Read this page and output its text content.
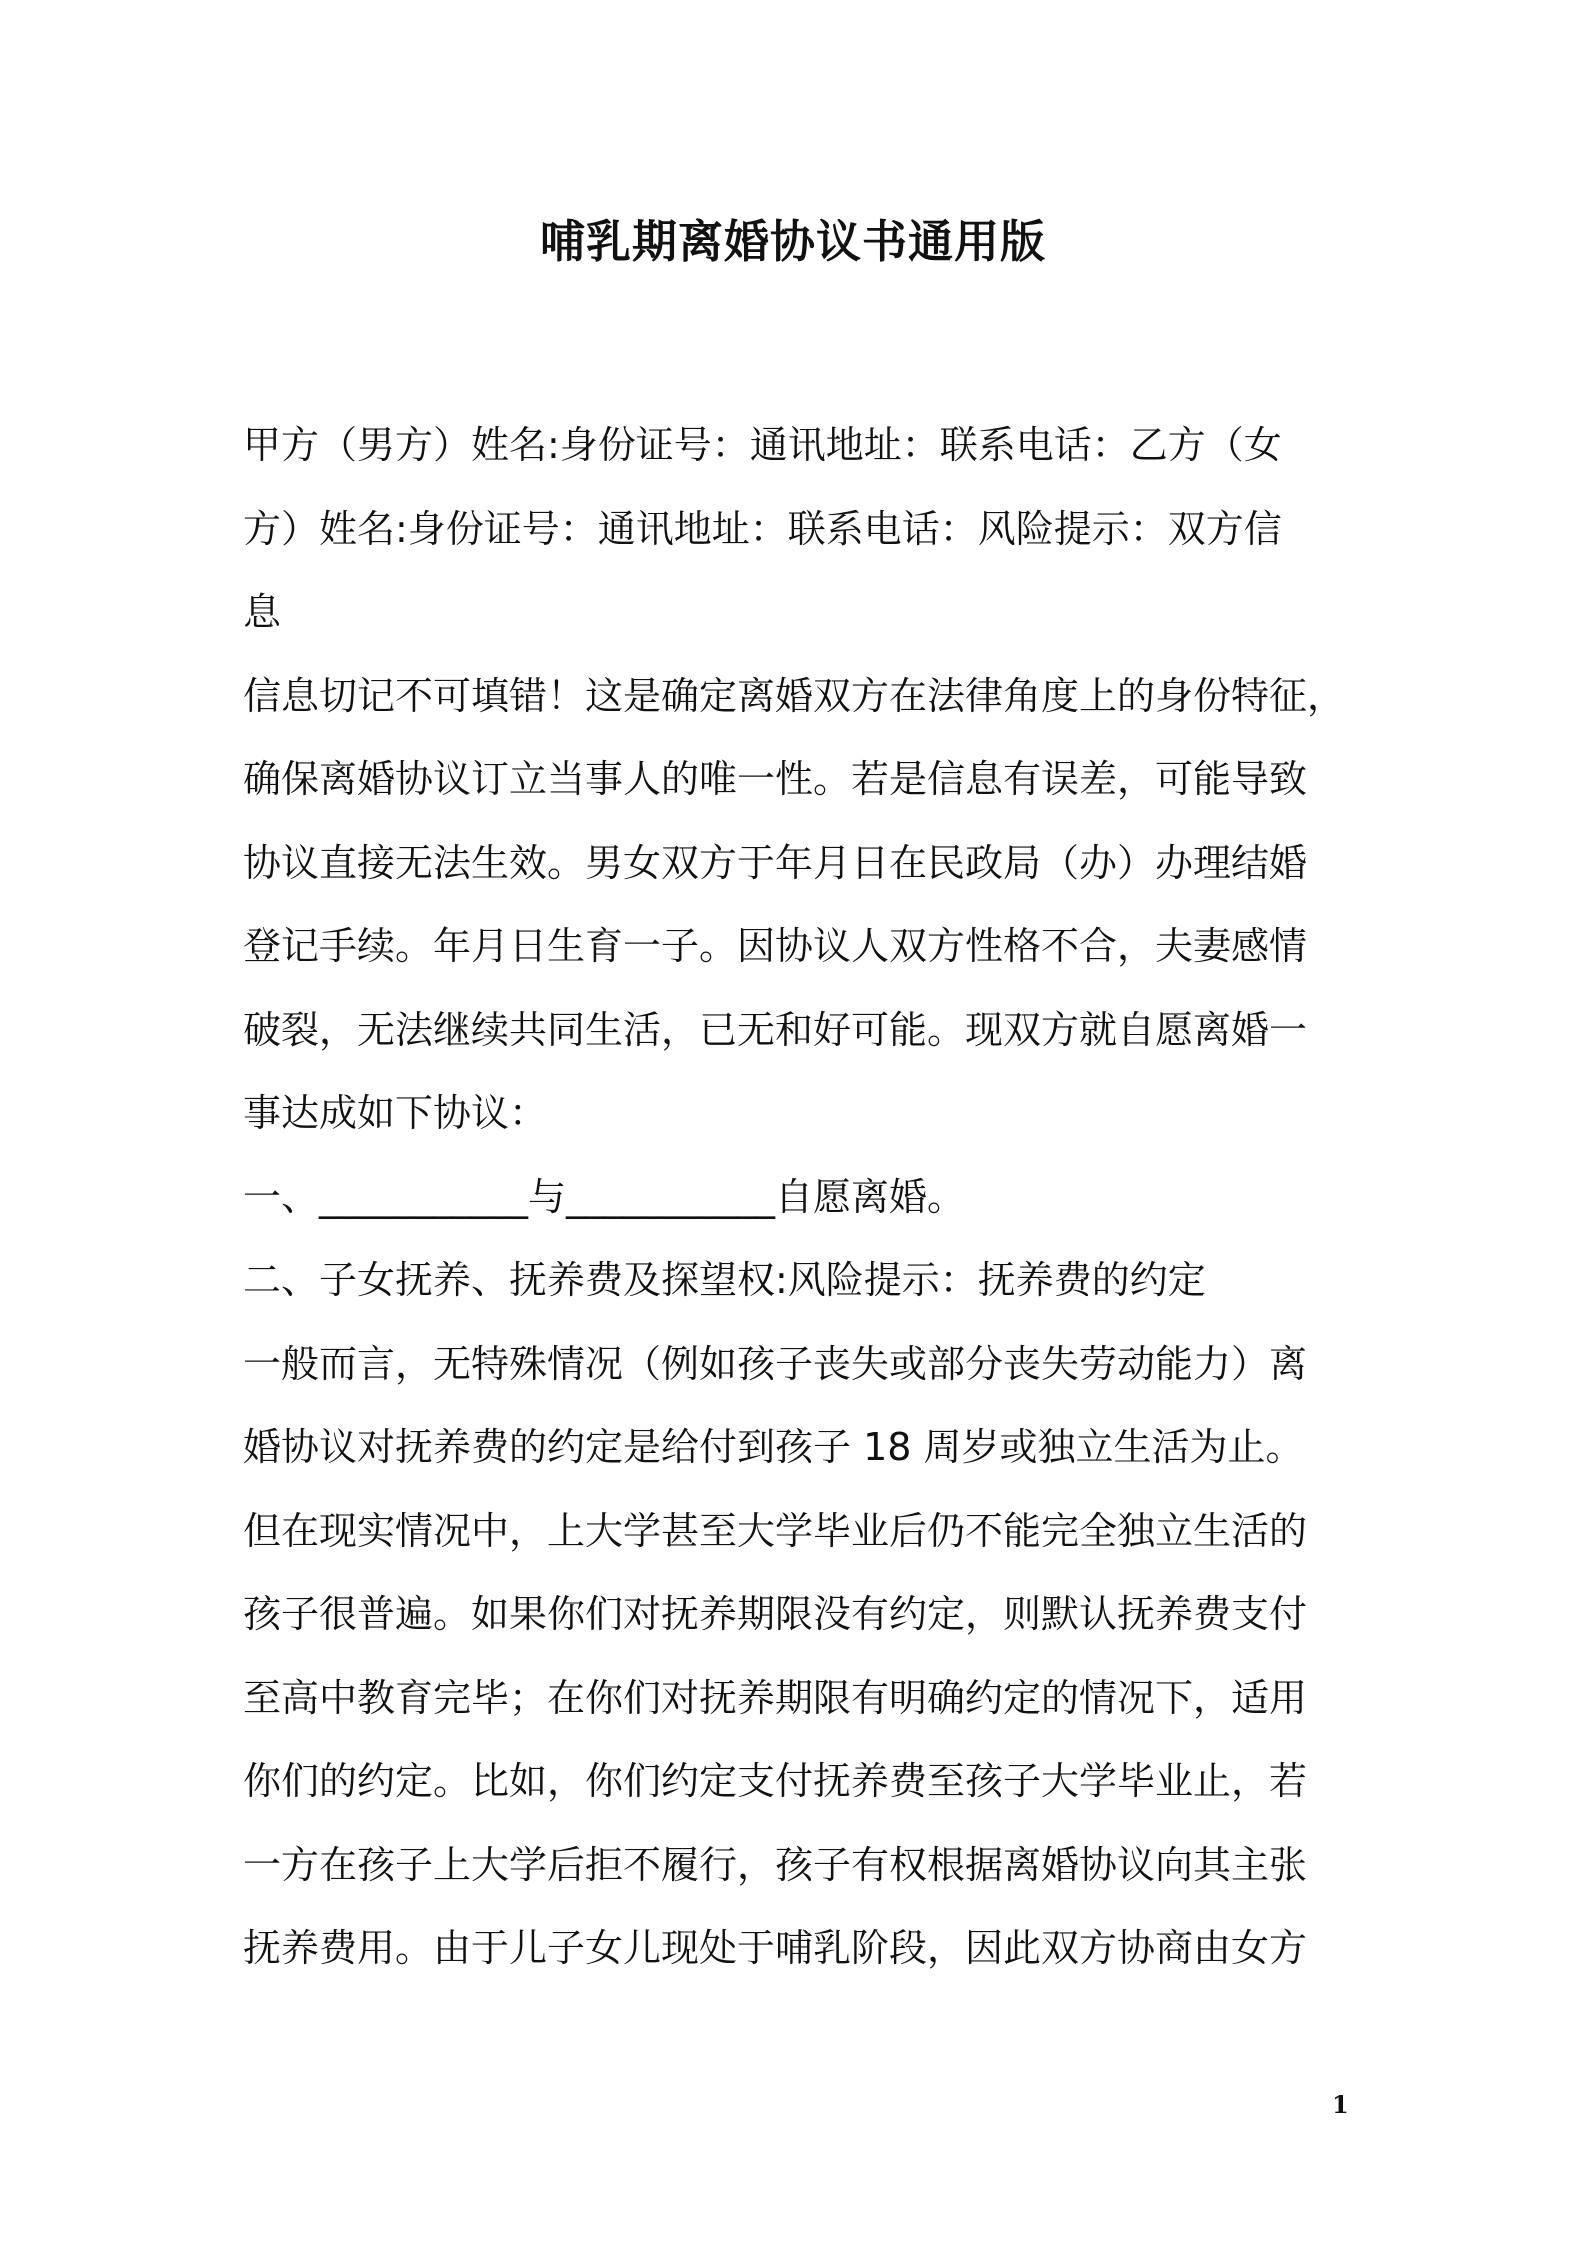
哺乳期离婚协议书通用版
甲方（男方）姓名:身份证号：通讯地址：联系电话：乙方（女
方）姓名:身份证号：通讯地址：联系电话：风险提示：双方信
息
信息切记不可填错！这是确定离婚双方在法律角度上的身份特征，
确保离婚协议订立当事人的唯一性。若是信息有误差，可能导致
协议直接无法生效。男女双方于年月日在民政局（办）办理结婚
登记手续。年月日生育一子。因协议人双方性格不合，夫妻感情
破裂，无法继续共同生活，已无和好可能。现双方就自愿离婚一
事达成如下协议：
一、___________与___________自愿离婚。
二、子女抚养、抚养费及探望权:风险提示：抚养费的约定
一般而言，无特殊情况（例如孩子丧失或部分丧失劳动能力）离
婚协议对抚养费的约定是给付到孩子 18 周岁或独立生活为止。
但在现实情况中，上大学甚至大学毕业后仍不能完全独立生活的
孩子很普遍。如果你们对抚养期限没有约定，则默认抚养费支付
至高中教育完毕；在你们对抚养期限有明确约定的情况下，适用
你们的约定。比如，你们约定支付抚养费至孩子大学毕业止，若
一方在孩子上大学后拒不履行，孩子有权根据离婚协议向其主张
抚养费用。由于儿子女儿现处于哺乳阶段，因此双方协商由女方
1
